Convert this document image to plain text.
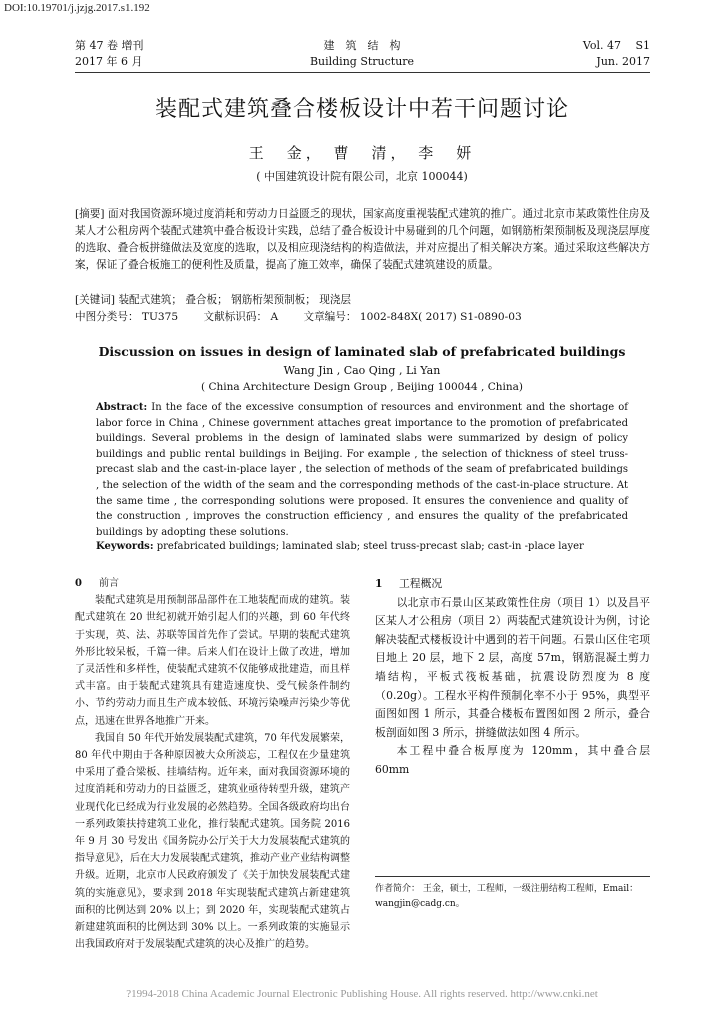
DOI:10.19701/j.jzjg.2017.s1.192
第 47 卷 增刊
2017 年 6 月
建　筑　结　构
Building Structure
Vol. 47　 S1
Jun. 2017
装配式建筑叠合楼板设计中若干问题讨论
王　金， 曹　清， 李　妍
( 中国建筑设计院有限公司，北京 100044)
[摘要] 面对我国资源环境过度消耗和劳动力日益匮乏的现状，国家高度重视装配式建筑的推广。通过北京市某政策性住房及某人才公租房两个装配式建筑中叠合板设计实践，总结了叠合板设计中易碰到的几个问题，如钢筋桁架预制板及现浇层厚度的选取、叠合板拼缝做法及宽度的选取，以及相应现浇结构的构造做法，并对应提出了相关解决方案。通过采取这些解决方案，保证了叠合板施工的便利性及质量，提高了施工效率，确保了装配式建筑建设的质量。
[关键词] 装配式建筑； 叠合板； 钢筋桁架预制板； 现浇层
中图分类号： TU375 文献标识码： A 文章编号： 1002-848X( 2017) S1-0890-03
Discussion on issues in design of laminated slab of prefabricated buildings
Wang Jin , Cao Qing , Li Yan
( China Architecture Design Group , Beijing 100044 , China)
Abstract: In the face of the excessive consumption of resources and environment and the shortage of labor force in China , Chinese government attaches great importance to the promotion of prefabricated buildings. Several problems in the design of laminated slabs were summarized by design of policy buildings and public rental buildings in Beijing. For example , the selection of thickness of steel truss-precast slab and the cast-in-place layer , the selection of methods of the seam of prefabricated buildings , the selection of the width of the seam and the corresponding methods of the cast-in-place structure. At the same time , the corresponding solutions were proposed. It ensures the convenience and quality of the construction , improves the construction efficiency , and ensures the quality of the prefabricated buildings by adopting these solutions.
Keywords: prefabricated buildings; laminated slab; steel truss-precast slab; cast-in -place layer

0 前言

装配式建筑是用预制部品部件在工地装配而成的建筑。装配式建筑在 20 世纪初就开始引起人们的兴趣，到 60 年代终于实现，英、法、苏联等国首先作了尝试。早期的装配式建筑外形比较呆板，千篇一律。后来人们在设计上做了改进，增加了灵活性和多样性，使装配式建筑不仅能够成批建造，而且样式丰富。由于装配式建筑具有建造速度快、受气候条件制约小、节约劳动力而且生产成本较低、环境污染噪声污染少等优点，迅速在世界各地推广开来。

我国自 50 年代开始发展装配式建筑，70 年代发展繁荣，80 年代中期由于各种原因被大众所淡忘，工程仅在少量建筑中采用了叠合梁板、挂墙结构。近年来，面对我国资源环境的过度消耗和劳动力的日益匮乏，建筑业亟待转型升级，建筑产业现代化已经成为行业发展的必然趋势。全国各级政府均出台一系列政策扶持建筑工业化，推行装配式建筑。国务院 2016 年 9 月 30 号发出《国务院办公厅关于大力发展装配式建筑的指导意见》，后在大力发展装配式建筑，推动产业产业结构调整升级。近期，北京市人民政府颁发了《关于加快发展装配式建筑的实施意见》，要求到 2018 年实现装配式建筑占新建建筑面积的比例达到 20% 以上；到 2020 年，实现装配式建筑占新建建筑面积的比例达到 30% 以上。一系列政策的实施显示出我国政府对于发展装配式建筑的决心及推广的趋势。

1 工程概况

以北京市石景山区某政策性住房（项目 1）以及昌平区某人才公租房（项目 2）两装配式建筑设计为例，讨论解决装配式楼板设计中遇到的若干问题。石景山区住宅项目地上 20 层，地下 2 层，高度 57m，钢筋混凝土剪力墙结构，平板式筏板基础，抗震设防烈度为 8 度（0.20g）。工程水平构件预制化率不小于 95%，典型平面图如图 1 所示，其叠合楼板布置图如图 2 所示，叠合板剖面如图 3 所示，拼缝做法如图 4 所示。

本工程中叠合板厚度为 120mm，其中叠合层 60mm

作者简介： 王金，硕士，工程师，一级注册结构工程师，Email：wangjin@cadg.cn。
?1994-2018 China Academic Journal Electronic Publishing House. All rights reserved. http://www.cnki.net
